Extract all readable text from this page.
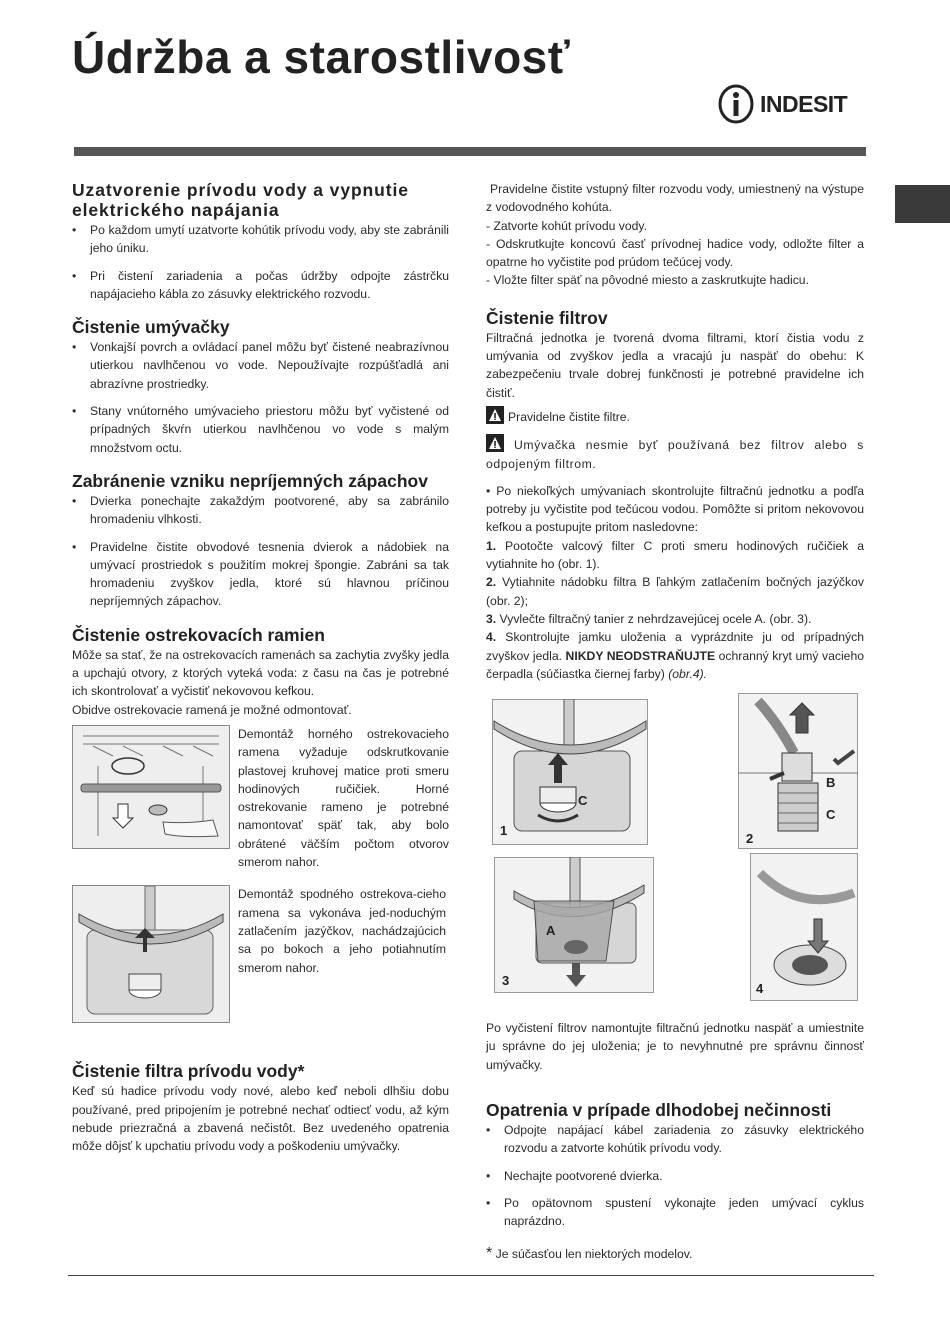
Údržba a starostlivosť
INDESIT
Uzatvorenie prívodu vody a vypnutie elektrického napájania
• Po každom umytí uzatvorte kohútik prívodu vody, aby ste zabránili jeho úniku.
• Pri čistení zariadenia a počas údržby odpojte zástrčku napájacieho kábla zo zásuvky elektrického rozvodu.
Čistenie umývačky
• Vonkajší povrch a ovládací panel môžu byť čistené neabrazívnou utierkou navlhčenou vo vode. Nepoužívajte rozpúšťadlá ani abrazívne prostriedky.
• Stany vnútorného umývacieho priestoru môžu byť vyčistené od prípadných škvŕn utierkou navlhčenou vo vode s malým množstvom octu.
Zabránenie vzniku nepríjemných zápachov
• Dvierka ponechajte zakaždým pootvorené, aby sa zabránilo hromadeniu vlhkosti.
• Pravidelne čistite obvodové tesnenia dvierok a nádobiek na umývací prostriedok s použitím mokrej špongie. Zabráni sa tak hromadeniu zvyškov jedla, ktoré sú hlavnou príčinou nepríjemných zápachov.
Čistenie ostrekovacích ramien

Môže sa stať, že na ostrekovacích ramenách sa zachytia zvyšky jedla a upchajú otvory, z ktorých vyteká voda: z času na čas je potrebné ich skontrolovať a vyčistiť nekovovou kefkou.

Obidve ostrekovacie ramená je možné odmontovať.

Demontáž horného ostrekovacieho ramena vyžaduje odskrutkovanie plastovej kruhovej matice proti smeru hodinových ručičiek. Horné ostrekovanie rameno je potrebné namontovať späť tak, aby bolo obrátené väčším počtom otvorov smerom nahor.

Demontáž spodného ostrekova-cieho ramena sa vykonáva jed-noduchým zatlačením jazýčkov, nachádzajúcich sa po bokoch a jeho potiahnutím smerom nahor.

Čistenie filtra prívodu vody*

Keď sú hadice prívodu vody nové, alebo keď neboli dlhšiu dobu používané, pred pripojením je potrebné nechať odtiecť vodu, až kým nebude priezračná a zbavená nečistôt. Bez uvedeného opatrenia môže dôjsť k upchatiu prívodu vody a poškodeniu umývačky.

Pravidelne čistite vstupný filter rozvodu vody, umiestnený na výstupe z vodovodného kohúta.

- Zatvorte kohút prívodu vody.

- Odskrutkujte koncovú časť prívodnej hadice vody, odložte filter a opatrne ho vyčistite pod prúdom tečúcej vody.

- Vložte filter späť na pôvodné miesto a zaskrutkujte hadicu.

Čistenie filtrov

Filtračná jednotka je tvorená dvoma filtrami, ktorí čistia vodu z umývania od zvyškov jedla a vracajú ju naspäť do obehu: K zabezpečeniu trvale dobrej funkčnosti je potrebné pravidelne ich čistiť.

Pravidelne čistite filtre.

Umývačka nesmie byť používaná bez filtrov alebo s odpojeným filtrom.

• Po niekoľkých umývaniach skontrolujte filtračnú jednotku a podľa potreby ju vyčistite pod tečúcou vodou. Pomôžte si pritom nekovovou kefkou a postupujte pritom nasledovne:

1. Pootočte valcový filter C proti smeru hodinových ručičiek a vytiahnite ho (obr. 1).

2. Vytiahnite nádobku filtra B ľahkým zatlačením bočných jazýčkov (obr. 2);

3. Vyvlečte filtračný tanier z nehrdzavejúcej ocele A. (obr. 3).

4. Skontrolujte jamku uloženia a vyprázdnite ju od prípadných zvyškov jedla. NIKDY NEODSTRAŇUJTE ochranný kryt umý vacieho čerpadla (súčiastka čiernej farby) (obr.4).

1
C
2
B
C
3
A
4

Po vyčistení filtrov namontujte filtračnú jednotku naspäť a umiestnite ju správne do jej uloženia; je to nevyhnutné pre správnu činnosť umývačky.

Opatrenia v prípade dlhodobej nečinnosti
• Odpojte napájací kábel zariadenia zo zásuvky elektrického rozvodu a zatvorte kohútik prívodu vody.
• Nechajte pootvorené dvierka.
• Po opätovnom spustení vykonajte jeden umývací cyklus naprázdno.

* Je súčasťou len niektorých modelov.
